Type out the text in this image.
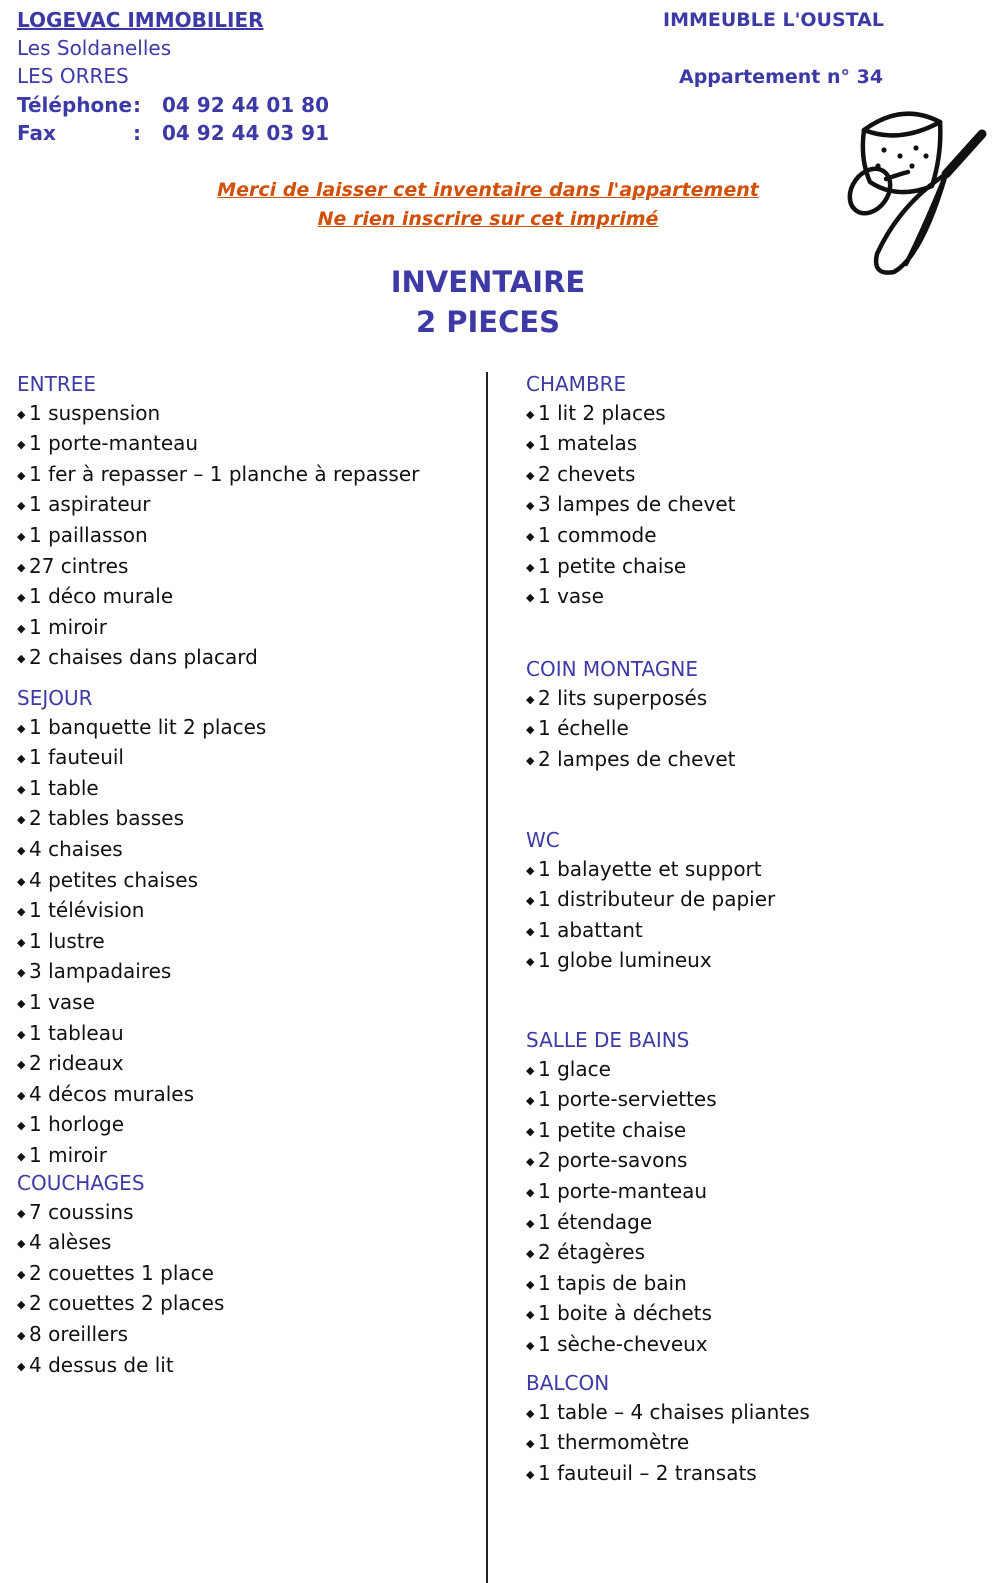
LOGEVAC IMMOBILIER
Les Soldanelles
LES ORRES
Téléphone : 04 92 44 01 80
Fax	: 04 92 44 03 91
IMMEUBLE L'OUSTAL
Appartement n° 34
Merci de laisser cet inventaire dans l'appartement
Ne rien inscrire sur cet imprimé
INVENTAIRE
2 PIECES
ENTREE
◆ 1 suspension
◆ 1 porte-manteau
◆ 1 fer à repasser – 1 planche à repasser
◆ 1 aspirateur
◆ 1 paillasson
◆ 27 cintres
◆ 1 déco murale
◆ 1 miroir
◆ 2 chaises dans placard
SEJOUR
◆ 1 banquette lit 2 places
◆ 1 fauteuil
◆ 1 table
◆ 2 tables basses
◆ 4 chaises
◆ 4 petites chaises
◆ 1 télévision
◆ 1 lustre
◆ 3 lampadaires
◆ 1 vase
◆ 1 tableau
◆ 2 rideaux
◆ 4 décos murales
◆ 1 horloge
◆ 1 miroir
COUCHAGES
◆ 7 coussins
◆ 4 alèses
◆ 2 couettes 1 place
◆ 2 couettes 2 places
◆ 8 oreillers
◆ 4 dessus de lit
CHAMBRE
◆ 1 lit 2 places
◆ 1 matelas
◆ 2 chevets
◆ 3 lampes de chevet
◆ 1 commode
◆ 1 petite chaise
◆ 1 vase
COIN MONTAGNE
◆ 2 lits superposés
◆ 1 échelle
◆ 2 lampes de chevet
WC
◆ 1 balayette et support
◆ 1 distributeur de papier
◆ 1 abattant
◆ 1 globe lumineux
SALLE DE BAINS
◆ 1 glace
◆ 1 porte-serviettes
◆ 1 petite chaise
◆ 2 porte-savons
◆ 1 porte-manteau
◆ 1 étendage
◆ 2 étagères
◆ 1 tapis de bain
◆ 1 boite à déchets
◆ 1 sèche-cheveux
BALCON
◆ 1 table – 4 chaises pliantes
◆ 1 thermomètre
◆ 1 fauteuil – 2 transats
